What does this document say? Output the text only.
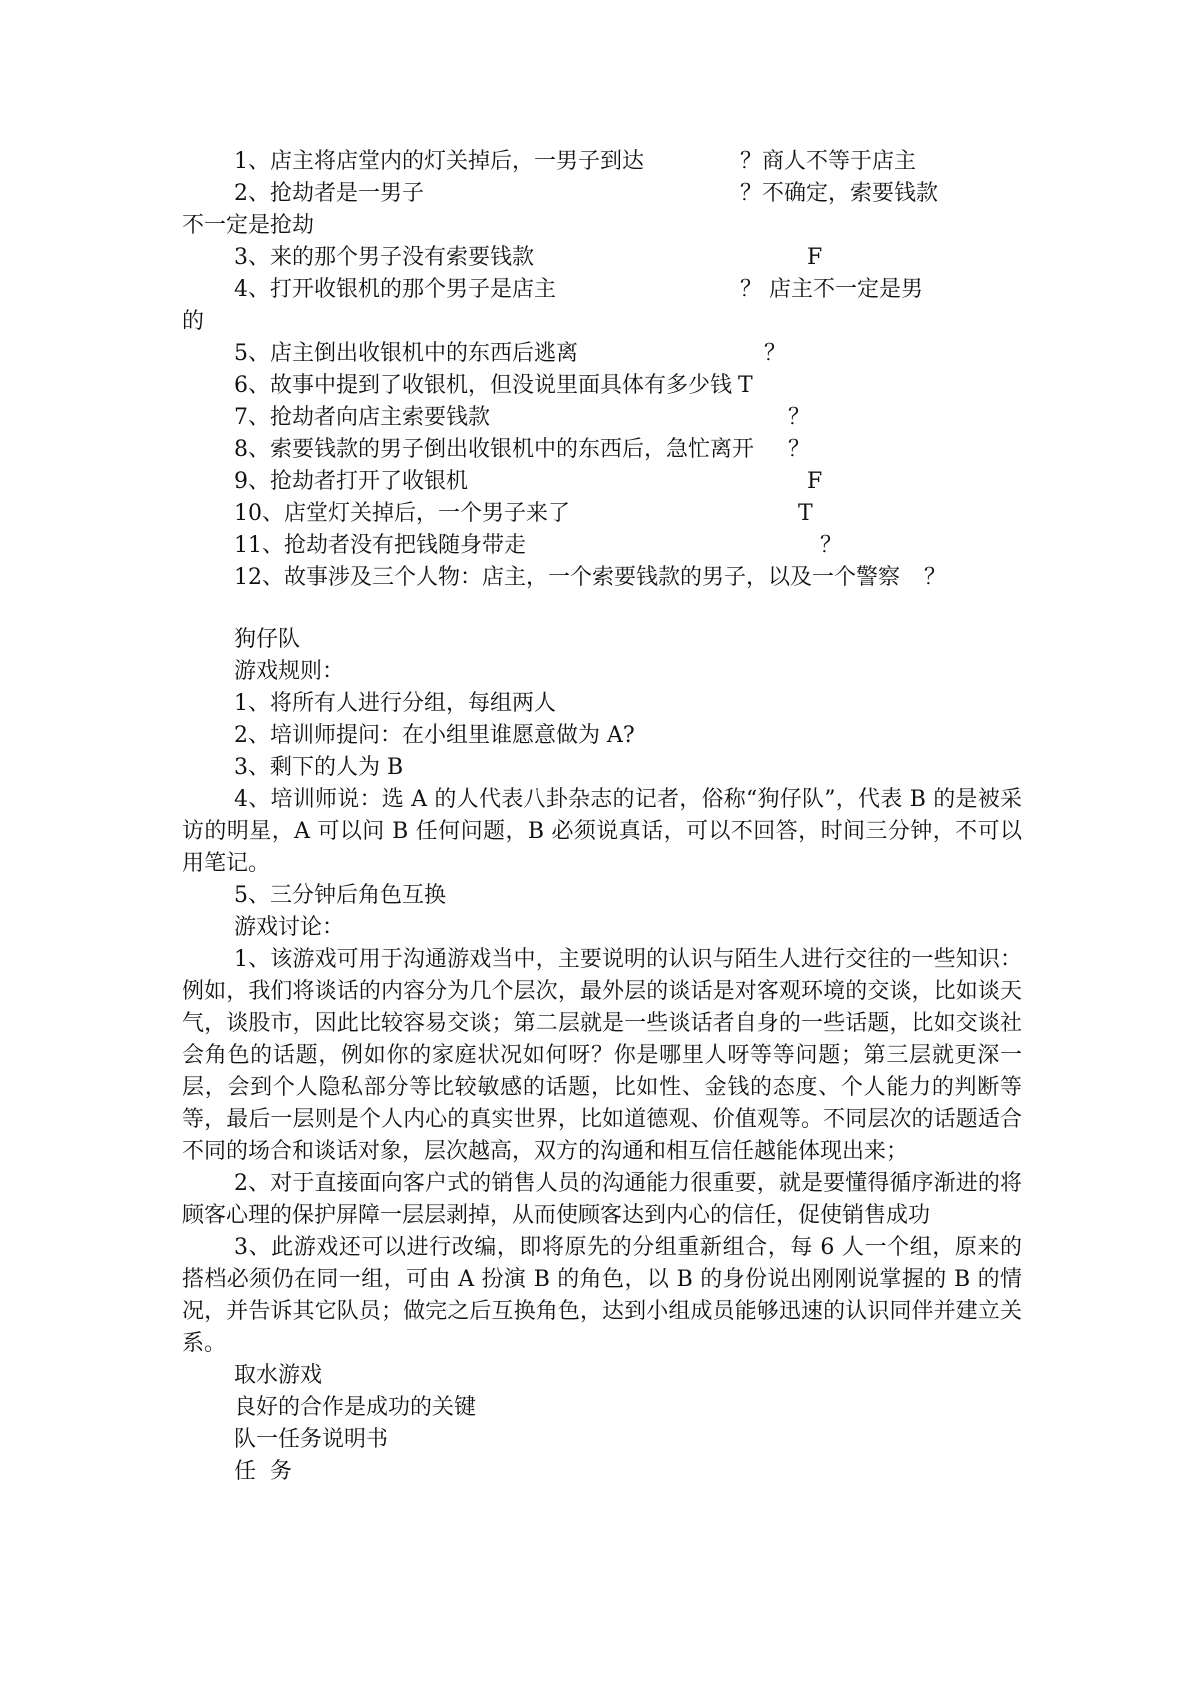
1、店主将店堂内的灯关掉后，一男子到达	？商人不等于店主
2、抢劫者是一男子	？不确定，索要钱款
不一定是抢劫
3、来的那个男子没有索要钱款	F
4、打开收银机的那个男子是店主	？ 店主不一定是男
的
5、店主倒出收银机中的东西后逃离	？
6、故事中提到了收银机，但没说里面具体有多少钱 T
7、抢劫者向店主索要钱款	？
8、索要钱款的男子倒出收银机中的东西后，急忙离开 ？
9、抢劫者打开了收银机	F
10、店堂灯关掉后，一个男子来了	T
11、抢劫者没有把钱随身带走	？
12、故事涉及三个人物：店主，一个索要钱款的男子，以及一个警察 ？

狗仔队

游戏规则：

1、将所有人进行分组，每组两人

2、培训师提问：在小组里谁愿意做为 A?

3、剩下的人为 B

4、培训师说：选 A 的人代表八卦杂志的记者，俗称“狗仔队”，代表 B 的是被采访的明星，A 可以问 B 任何问题，B 必须说真话，可以不回答，时间三分钟，不可以用笔记。

5、三分钟后角色互换

游戏讨论：

1、该游戏可用于沟通游戏当中，主要说明的认识与陌生人进行交往的一些知识：例如，我们将谈话的内容分为几个层次，最外层的谈话是对客观环境的交谈，比如谈天气，谈股市，因此比较容易交谈；第二层就是一些谈话者自身的一些话题，比如交谈社会角色的话题，例如你的家庭状况如何呀？你是哪里人呀等等问题；第三层就更深一层，会到个人隐私部分等比较敏感的话题，比如性、金钱的态度、个人能力的判断等等，最后一层则是个人内心的真实世界，比如道德观、价值观等。不同层次的话题适合不同的场合和谈话对象，层次越高，双方的沟通和相互信任越能体现出来；

2、对于直接面向客户式的销售人员的沟通能力很重要，就是要懂得循序渐进的将顾客心理的保护屏障一层层剥掉，从而使顾客达到内心的信任，促使销售成功

3、此游戏还可以进行改编，即将原先的分组重新组合，每 6 人一个组，原来的搭档必须仍在同一组，可由 A 扮演 B 的角色，以 B 的身份说出刚刚说掌握的 B 的情况，并告诉其它队员；做完之后互换角色，达到小组成员能够迅速的认识同伴并建立关系。

取水游戏

良好的合作是成功的关键

队一任务说明书

任  务
